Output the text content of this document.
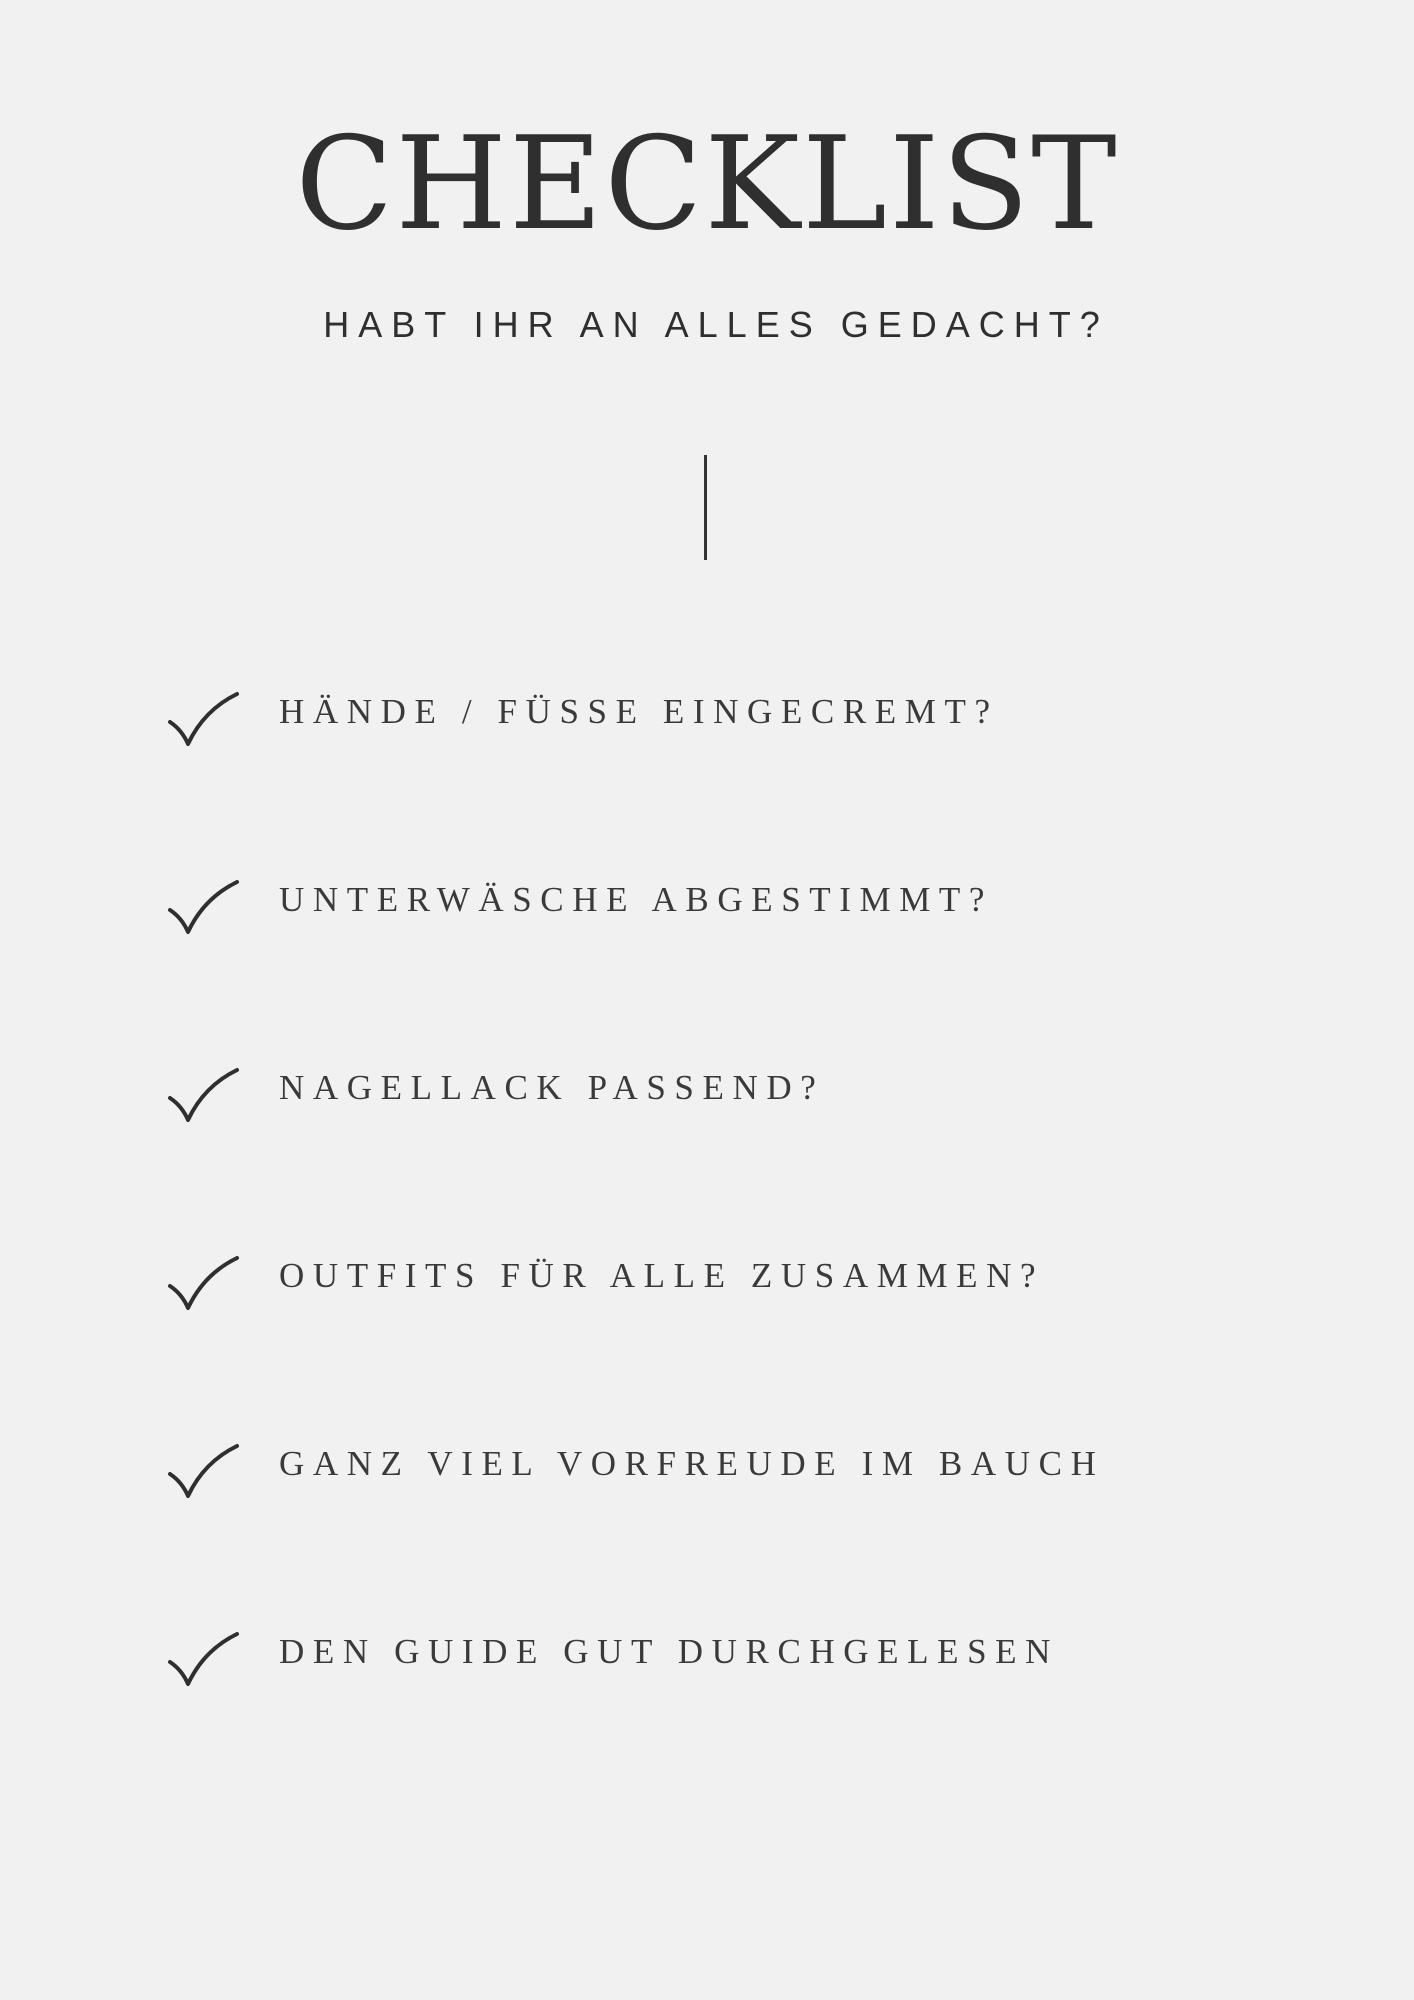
CHECKLIST
HABT IHR AN ALLES GEDACHT?
HÄNDE / FÜSSE EINGECREMT?
UNTERWÄSCHE ABGESTIMMT?
NAGELLACK PASSEND?
OUTFITS FÜR ALLE ZUSAMMEN?
GANZ VIEL VORFREUDE IM BAUCH
DEN GUIDE GUT DURCHGELESEN
